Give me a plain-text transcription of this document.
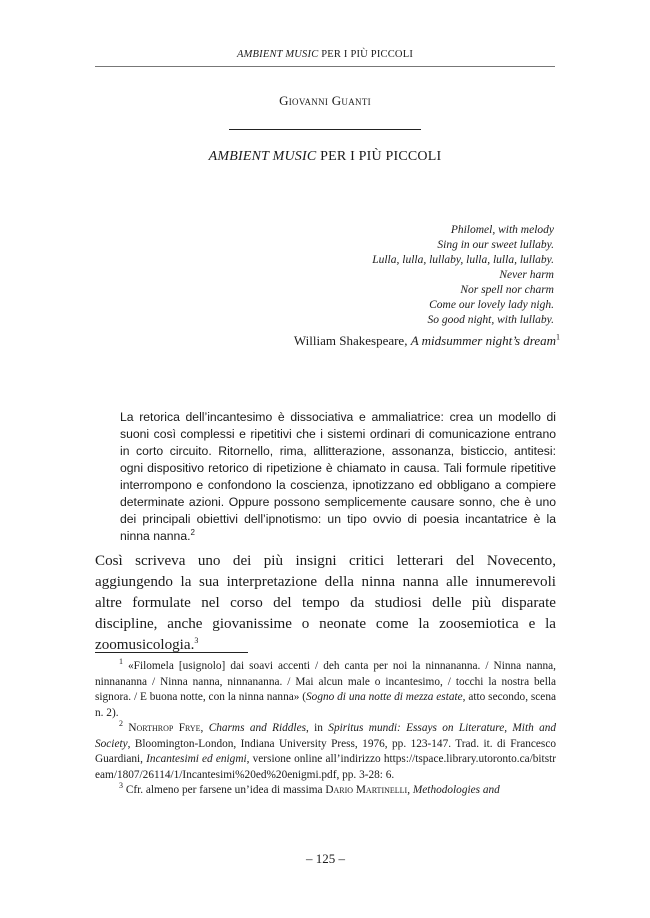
AMBIENT MUSIC PER I PIÙ PICCOLI
Giovanni Guanti
AMBIENT MUSIC PER I PIÙ PICCOLI
Philomel, with melody
Sing in our sweet lullaby.
Lulla, lulla, lullaby, lulla, lulla, lullaby.
Never harm
Nor spell nor charm
Come our lovely lady nigh.
So good night, with lullaby.
William Shakespeare, A midsummer night’s dream$^1$
La retorica dell’incantesimo è dissociativa e ammaliatrice: crea un modello di suoni così complessi e ripetitivi che i sistemi ordinari di comunicazione entrano in corto circuito. Ritornello, rima, allitterazione, assonanza, bisticcio, antitesi: ogni dispositivo retorico di ripetizione è chiamato in causa. Tali formule ripetitive interrompono e confondono la coscienza, ipnotizzano ed obbligano a compiere determinate azioni. Oppure possono semplicemente causare sonno, che è uno dei principali obiettivi dell’ipnotismo: un tipo ovvio di poesia incantatrice è la ninna nanna.$^2$
Così scriveva uno dei più insigni critici letterari del Novecento, aggiungendo la sua interpretazione della ninna nanna alle innumerevoli altre formulate nel corso del tempo da studiosi delle più disparate discipline, anche giovanissime o neonate come la zoosemiotica e la zoomusicologia.$^3$

$^1$ «Filomela [usignolo] dai soavi accenti / deh canta per noi la ninnananna. / Ninna nanna, ninnananna / Ninna nanna, ninnananna. / Mai alcun male o incantesimo, / tocchi la nostra bella signora. / E buona notte, con la ninna nanna» (Sogno di una notte di mezza estate, atto secondo, scena n. 2).

$^2$ Northrop Frye, Charms and Riddles, in Spiritus mundi: Essays on Literature, Mith and Society, Bloomington-London, Indiana University Press, 1976, pp. 123-147. Trad. it. di Francesco Guardiani, Incantesimi ed enigmi, versione online all’indirizzo https://tspace.library.utoronto.ca/bitstream/1807/26114/1/Incantesimi%20ed%20enigmi.pdf, pp. 3-28: 6.

$^3$ Cfr. almeno per farsene un’idea di massima Dario Martinelli, Methodologies and

– 125 –
